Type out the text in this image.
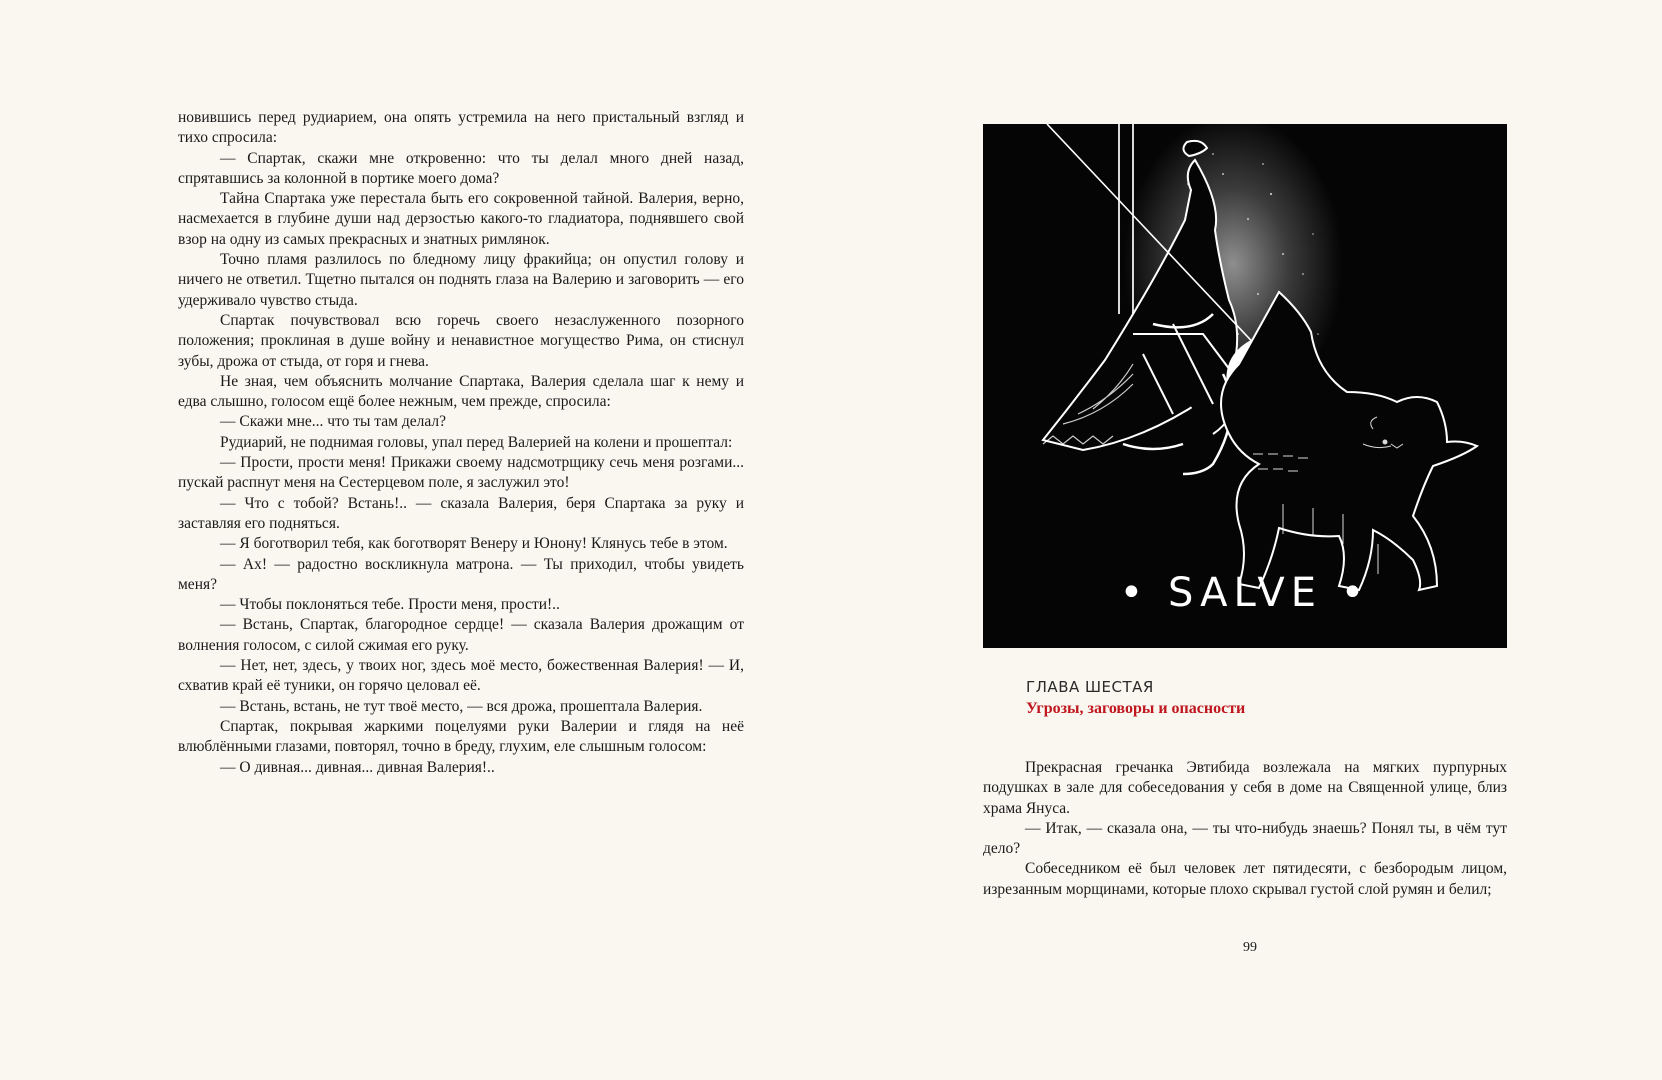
новившись перед рудиарием, она опять устремила на него пристальный взгляд и тихо спросила:

— Спартак, скажи мне откровенно: что ты делал много дней назад, спрятавшись за колонной в портике моего дома?

Тайна Спартака уже перестала быть его сокровенной тайной. Валерия, верно, насмехается в глубине души над дерзостью какого-то гладиатора, поднявшего свой взор на одну из самых прекрасных и знатных римлянок.

Точно пламя разлилось по бледному лицу фракийца; он опустил голову и ничего не ответил. Тщетно пытался он поднять глаза на Валерию и заговорить — его удерживало чувство стыда.

Спартак почувствовал всю горечь своего незаслуженного позорного положения; проклиная в душе войну и ненавистное могущество Рима, он стиснул зубы, дрожа от стыда, от горя и гнева.

Не зная, чем объяснить молчание Спартака, Валерия сделала шаг к нему и едва слышно, голосом ещё более нежным, чем прежде, спросила:

— Скажи мне... что ты там делал?

Рудиарий, не поднимая головы, упал перед Валерией на колени и прошептал:

— Прости, прости меня! Прикажи своему надсмотрщику сечь меня розгами... пускай распнут меня на Сестерцевом поле, я заслужил это!

— Что с тобой? Встань!.. — сказала Валерия, беря Спартака за руку и заставляя его подняться.

— Я боготворил тебя, как боготворят Венеру и Юнону! Клянусь тебе в этом.

— Ах! — радостно воскликнула матрона. — Ты приходил, чтобы увидеть меня?

— Чтобы поклоняться тебе. Прости меня, прости!..

— Встань, Спартак, благородное сердце! — сказала Валерия дрожащим от волнения голосом, с силой сжимая его руку.

— Нет, нет, здесь, у твоих ног, здесь моё место, божественная Валерия! — И, схватив край её туники, он горячо целовал её.

— Встань, встань, не тут твоё место, — вся дрожа, прошептала Валерия.

Спартак, покрывая жаркими поцелуями руки Валерии и глядя на неё влюблёнными глазами, повторял, точно в бреду, глухим, еле слышным голосом:

— О дивная... дивная... дивная Валерия!..

• SALVE •
ГЛАВА ШЕСТАЯ
Угрозы, заговоры и опасности

Прекрасная гречанка Эвтибида возлежала на мягких пурпурных подушках в зале для собеседования у себя в доме на Священной улице, близ храма Януса.

— Итак, — сказала она, — ты что-нибудь знаешь? Понял ты, в чём тут дело?

Собеседником её был человек лет пятидесяти, с безбородым лицом, изрезанным морщинами, которые плохо скрывал густой слой румян и белил;

99
